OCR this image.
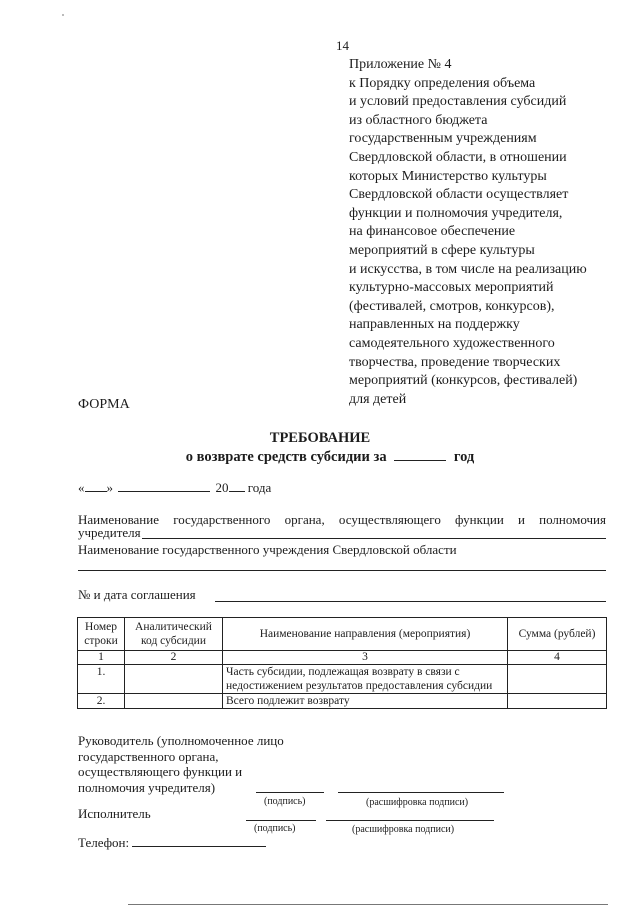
14
Приложение № 4
к Порядку определения объема
и условий предоставления субсидий
из областного бюджета
государственным учреждениям
Свердловской области, в отношении
которых Министерство культуры
Свердловской области осуществляет
функции и полномочия учредителя,
на финансовое обеспечение
мероприятий в сфере культуры
и искусства, в том числе на реализацию
культурно-массовых мероприятий
(фестивалей, смотров, конкурсов),
направленных на поддержку
самодеятельного художественного
творчества, проведение творческих
мероприятий (конкурсов, фестивалей)
для детей
ФОРМА
ТРЕБОВАНИЕ
о возврате средств субсидии за	год
« »	20 года
Наименование государственного органа, осуществляющего функции и полномочия
учредителя
Наименование государственного учреждения Свердловской области
№ и дата соглашения
Номер строки	Аналитический код субсидии	Наименование направления (мероприятия)	Сумма (рублей)
1	2	3	4
1.		Часть субсидии, подлежащая возврату в связи с недостижением результатов предоставления субсидии	
2.		Всего подлежит возврату	
Руководитель (уполномоченное лицо
государственного органа,
осуществляющего функции и
полномочия учредителя)
(подпись)	(расшифровка подписи)
Исполнитель
(подпись)	(расшифровка подписи)
Телефон:
